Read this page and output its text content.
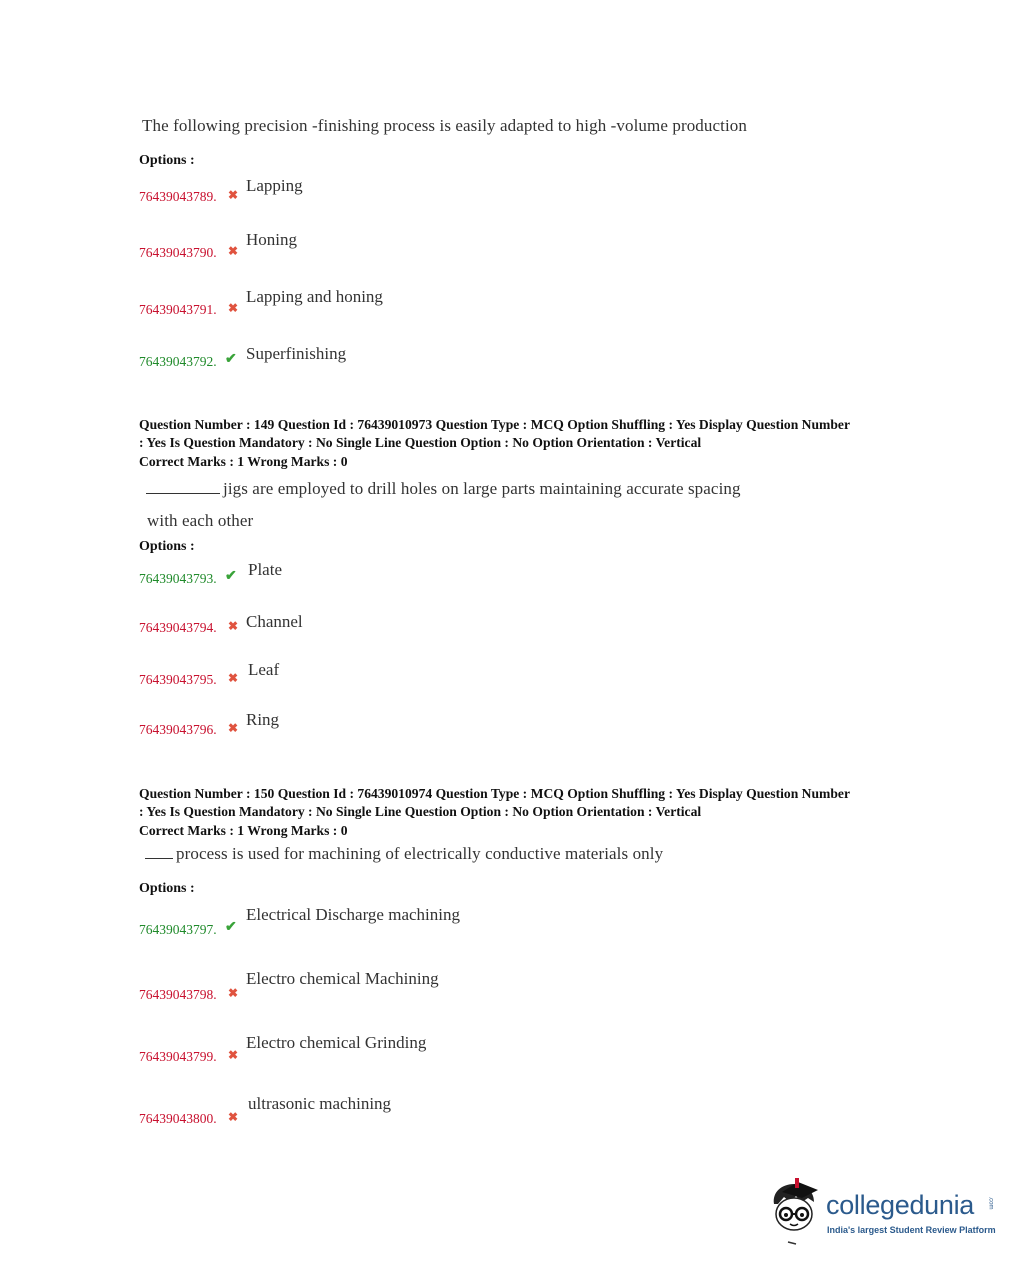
The following precision -finishing process is easily adapted to high -volume production
Options :
76439043789. ✖ Lapping
76439043790. ✖
Honing
76439043791. ✖
Lapping and honing
76439043792. ✔ Superfinishing
Question Number : 149 Question Id : 76439010973 Question Type : MCQ Option Shuffling : Yes Display Question Number
: Yes Is Question Mandatory : No Single Line Question Option : No Option Orientation : Vertical
Correct Marks : 1 Wrong Marks : 0
jigs are employed to drill holes on large parts maintaining accurate spacing
with each other
Options :
76439043793. ✔ Plate
76439043794. ✖ Channel
76439043795. ✖ Leaf
76439043796. ✖ Ring
Question Number : 150 Question Id : 76439010974 Question Type : MCQ Option Shuffling : Yes Display Question Number
: Yes Is Question Mandatory : No Single Line Question Option : No Option Orientation : Vertical
Correct Marks : 1 Wrong Marks : 0
process is used for machining of electrically conductive materials only
Options :
76439043797. ✔
Electrical Discharge machining
76439043798. ✖
Electro chemical Machining
76439043799. ✖
Electro chemical Grinding
76439043800. ✖
ultrasonic machining
collegedunia .com
India's largest Student Review Platform
